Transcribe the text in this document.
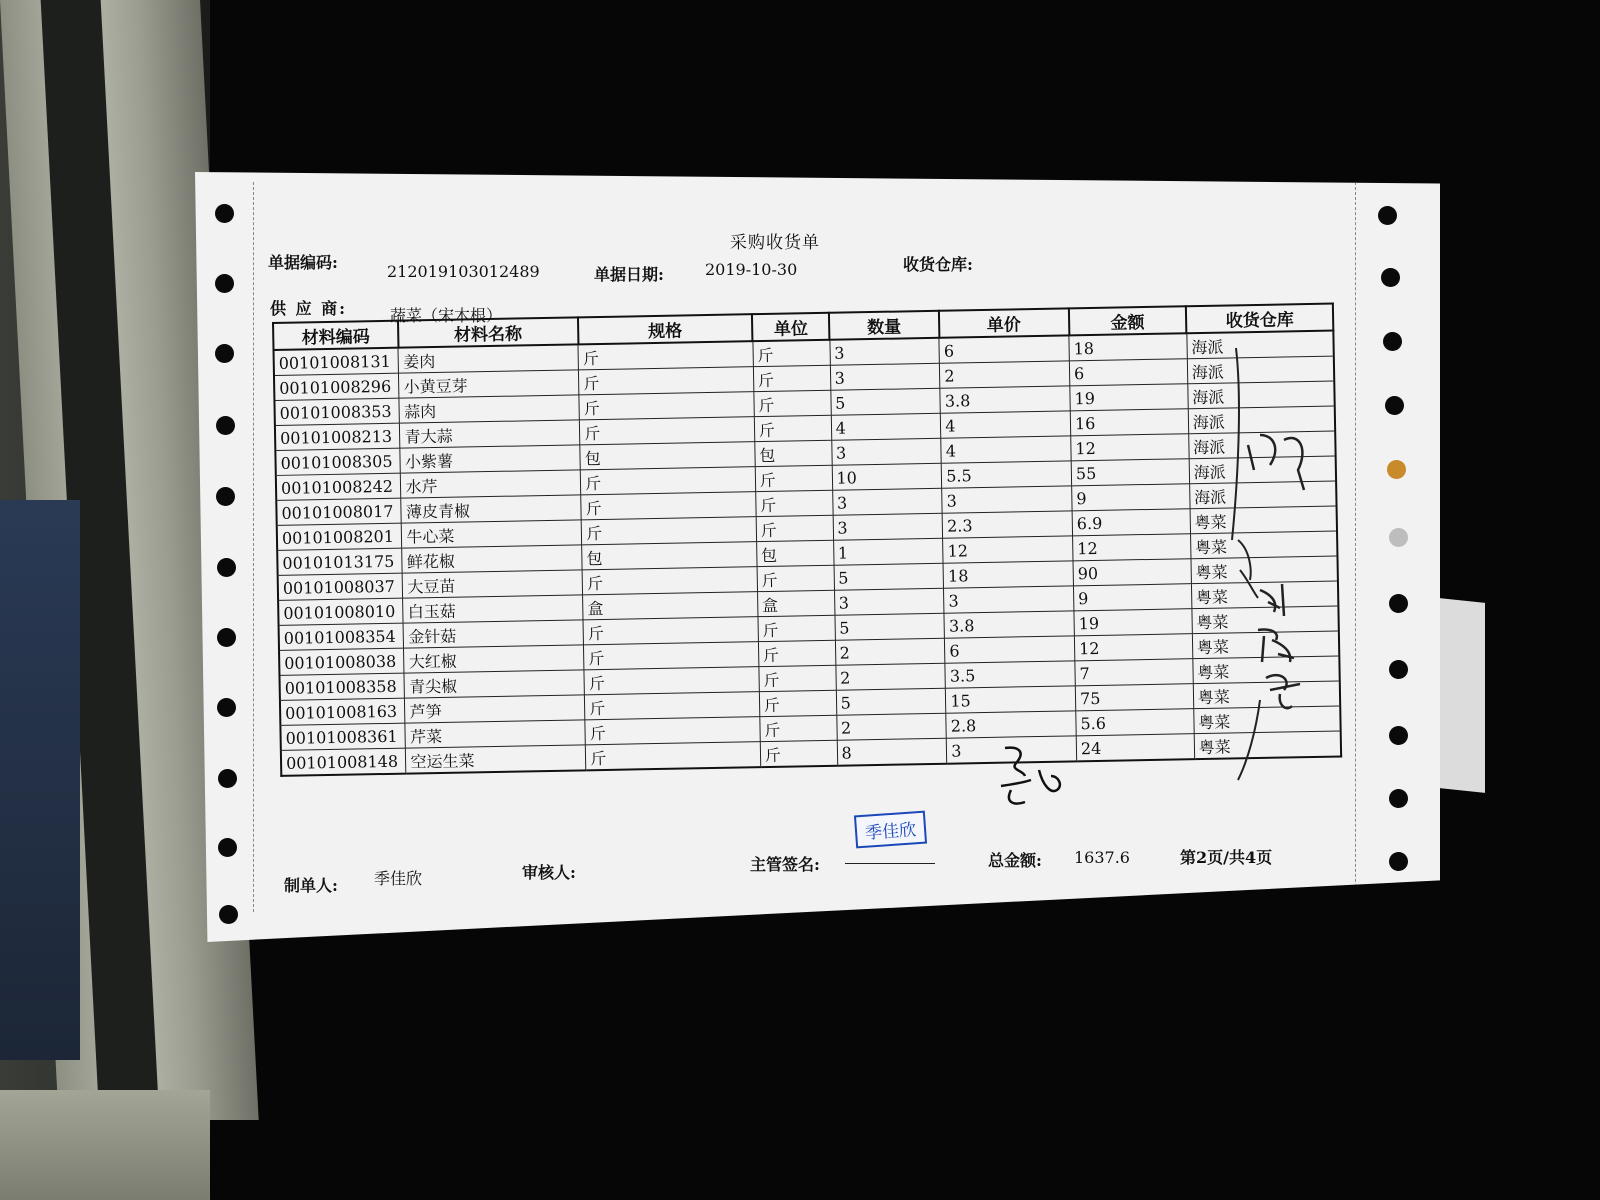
采购收货单
单据编码:	212019103012489	单据日期:	2019-10-30	收货仓库:
供 应 商:	蔬菜（宋木根）
材料编码	材料名称	规格	单位	数量	单价	金额	收货仓库
00101008131	姜肉	斤	斤	3	6	18	海派
00101008296	小黄豆芽	斤	斤	3	2	6	海派
00101008353	蒜肉	斤	斤	5	3.8	19	海派
00101008213	青大蒜	斤	斤	4	4	16	海派
00101008305	小紫薯	包	包	3	4	12	海派
00101008242	水芹	斤	斤	10	5.5	55	海派
00101008017	薄皮青椒	斤	斤	3	3	9	海派
00101008201	牛心菜	斤	斤	3	2.3	6.9	粤菜
00101013175	鲜花椒	包	包	1	12	12	粤菜
00101008037	大豆苗	斤	斤	5	18	90	粤菜
00101008010	白玉菇	盒	盒	3	3	9	粤菜
00101008354	金针菇	斤	斤	5	3.8	19	粤菜
00101008038	大红椒	斤	斤	2	6	12	粤菜
00101008358	青尖椒	斤	斤	2	3.5	7	粤菜
00101008163	芦笋	斤	斤	5	15	75	粤菜
00101008361	芹菜	斤	斤	2	2.8	5.6	粤菜
00101008148	空运生菜	斤	斤	8	3	24	粤菜
季佳欣
制单人: 季佳欣	审核人:	主管签名:	总金额: 1637.6	第2页/共4页
